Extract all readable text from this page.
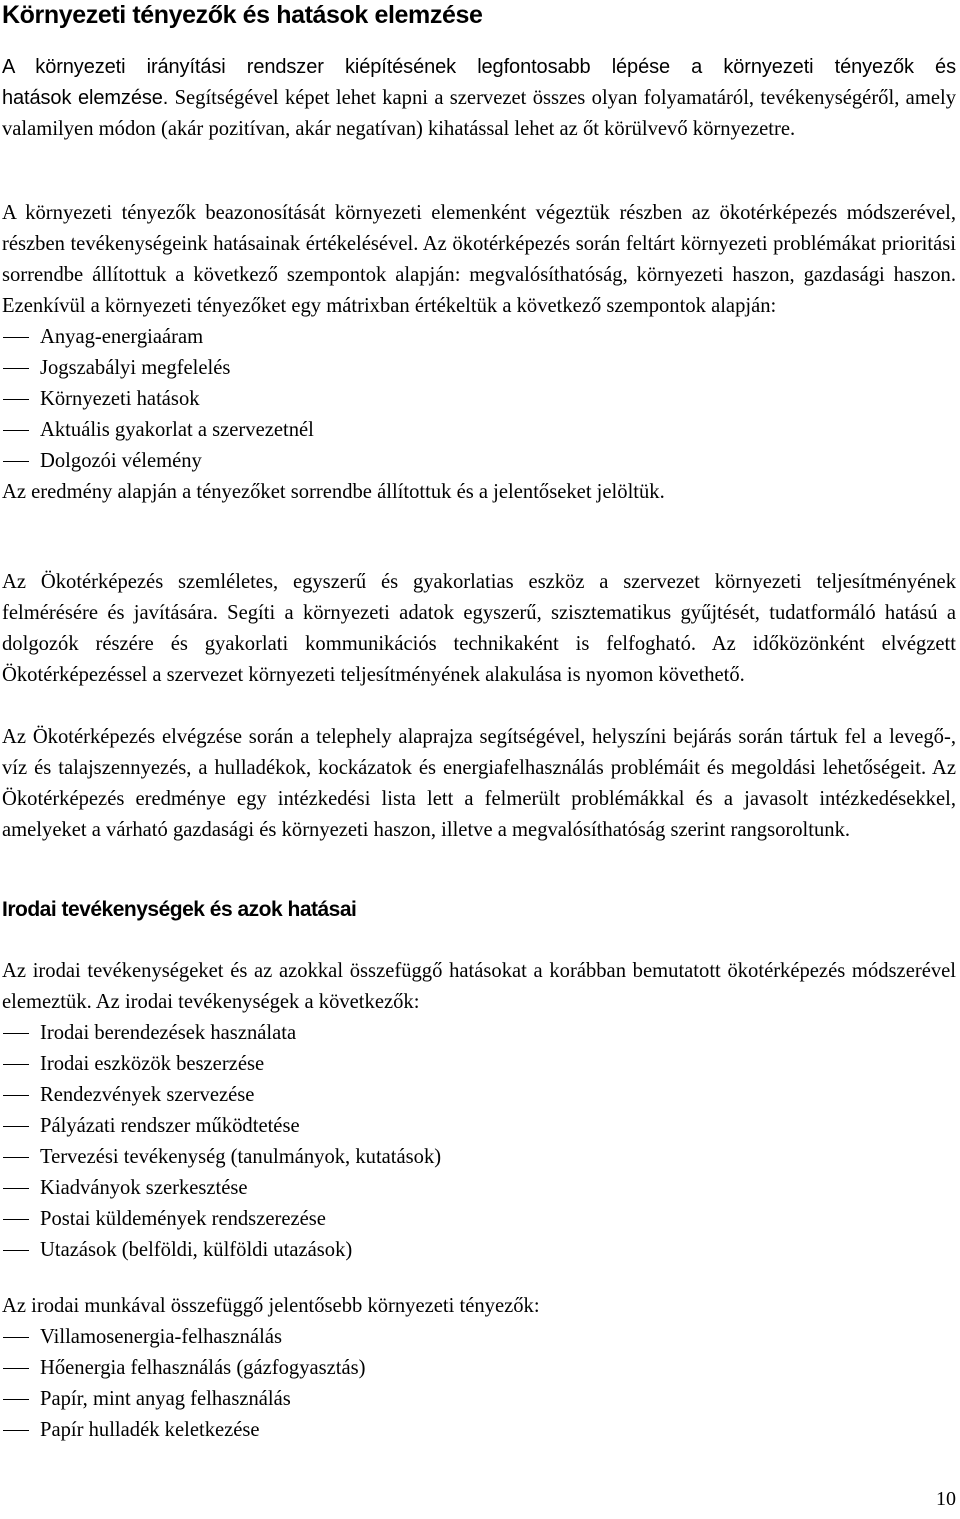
Környezeti tényezők és hatások elemzése
A környezeti irányítási rendszer kiépítésének legfontosabb lépése a környezeti tényezők és

hatások elemzése. Segítségével képet lehet kapni a szervezet összes olyan folyamatáról, tevékenységéről, amely valamilyen módon (akár pozitívan, akár negatívan) kihatással lehet az őt körülvevő környezetre.

A környezeti tényezők beazonosítását környezeti elemenként végeztük részben az ökotérképezés módszerével, részben tevékenységeink hatásainak értékelésével. Az ökotérképezés során feltárt környezeti problémákat prioritási sorrendbe állítottuk a következő szempontok alapján: megvalósíthatóság, környezeti haszon, gazdasági haszon. Ezenkívül a környezeti tényezőket egy mátrixban értékeltük a következő szempontok alapján:

Anyag-energiaáram
Jogszabályi megfelelés
Környezeti hatások
Aktuális gyakorlat a szervezetnél
Dolgozói vélemény

Az eredmény alapján a tényezőket sorrendbe állítottuk és a jelentőseket jelöltük.

Az Ökotérképezés szemléletes, egyszerű és gyakorlatias eszköz a szervezet környezeti teljesítményének felmérésére és javítására. Segíti a környezeti adatok egyszerű, szisztematikus gyűjtését, tudatformáló hatású a dolgozók részére és gyakorlati kommunikációs technikaként is felfogható. Az időközönként elvégzett Ökotérképezéssel a szervezet környezeti teljesítményének alakulása is nyomon követhető.

Az Ökotérképezés elvégzése során a telephely alaprajza segítségével, helyszíni bejárás során tártuk fel a levegő-, víz és talajszennyezés, a hulladékok, kockázatok és energiafelhasználás problémáit és megoldási lehetőségeit. Az Ökotérképezés eredménye egy intézkedési lista lett a felmerült problémákkal és a javasolt intézkedésekkel, amelyeket a várható gazdasági és környezeti haszon, illetve a megvalósíthatóság szerint rangsoroltunk.

Irodai tevékenységek és azok hatásai

Az irodai tevékenységeket és az azokkal összefüggő hatásokat a korábban bemutatott ökotérképezés módszerével elemeztük. Az irodai tevékenységek a következők:

Irodai berendezések használata
Irodai eszközök beszerzése
Rendezvények szervezése
Pályázati rendszer működtetése
Tervezési tevékenység (tanulmányok, kutatások)
Kiadványok szerkesztése
Postai küldemények rendszerezése
Utazások (belföldi, külföldi utazások)

Az irodai munkával összefüggő jelentősebb környezeti tényezők:

Villamosenergia-felhasználás
Hőenergia felhasználás (gázfogyasztás)
Papír, mint anyag felhasználás
Papír hulladék keletkezése
10
